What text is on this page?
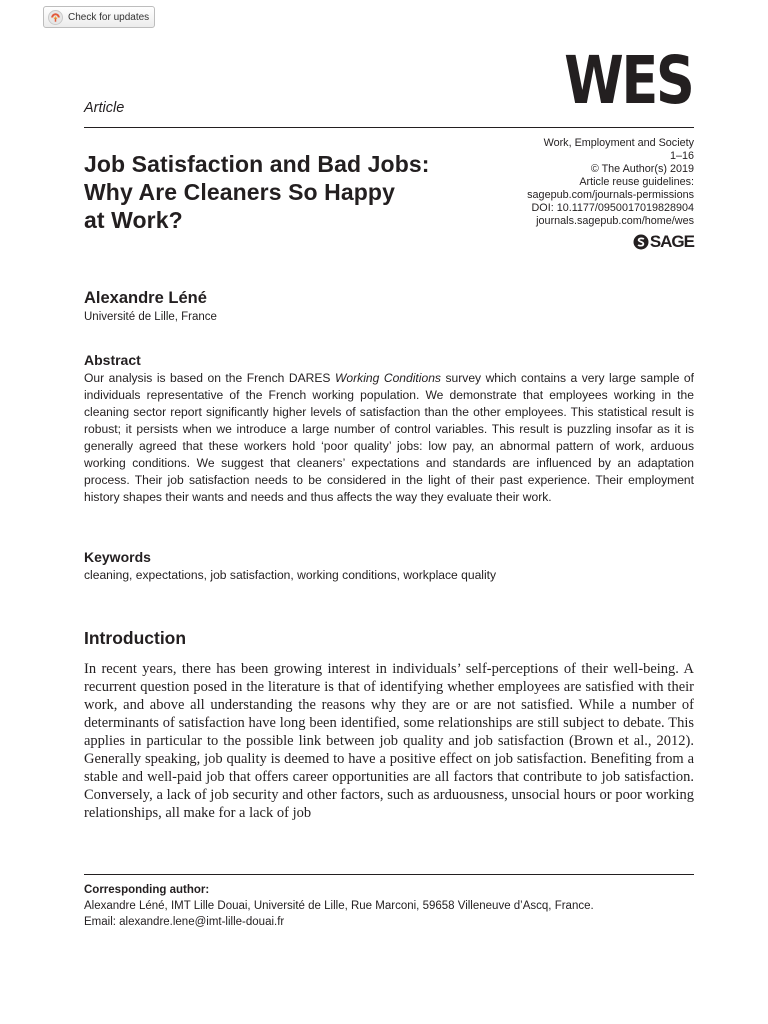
Check for updates
WES
Article
Work, Employment and Society
1–16
© The Author(s) 2019
Article reuse guidelines:
sagepub.com/journals-permissions
DOI: 10.1177/0950017019828904
journals.sagepub.com/home/wes
SAGE
Job Satisfaction and Bad Jobs:
Why Are Cleaners So Happy
at Work?
Alexandre Léné
Université de Lille, France
Abstract
Our analysis is based on the French DARES Working Conditions survey which contains a very large sample of individuals representative of the French working population. We demonstrate that employees working in the cleaning sector report significantly higher levels of satisfaction than the other employees. This statistical result is robust; it persists when we introduce a large number of control variables. This result is puzzling insofar as it is generally agreed that these workers hold ‘poor quality’ jobs: low pay, an abnormal pattern of work, arduous working conditions. We suggest that cleaners’ expectations and standards are influenced by an adaptation process. Their job satisfaction needs to be considered in the light of their past experience. Their employment history shapes their wants and needs and thus affects the way they evaluate their work.
Keywords
cleaning, expectations, job satisfaction, working conditions, workplace quality
Introduction
In recent years, there has been growing interest in individuals’ self-perceptions of their well-being. A recurrent question posed in the literature is that of identifying whether employees are satisfied with their work, and above all understanding the reasons why they are or are not satisfied. While a number of determinants of satisfaction have long been identified, some relationships are still subject to debate. This applies in particular to the possible link between job quality and job satisfaction (Brown et al., 2012). Generally speaking, job quality is deemed to have a positive effect on job satisfaction. Benefiting from a stable and well-paid job that offers career opportunities are all factors that contribute to job satisfaction. Conversely, a lack of job security and other factors, such as arduousness, unsocial hours or poor working relationships, all make for a lack of job
Corresponding author:
Alexandre Léné, IMT Lille Douai, Université de Lille, Rue Marconi, 59658 Villeneuve d’Ascq, France.
Email: alexandre.lene@imt-lille-douai.fr
